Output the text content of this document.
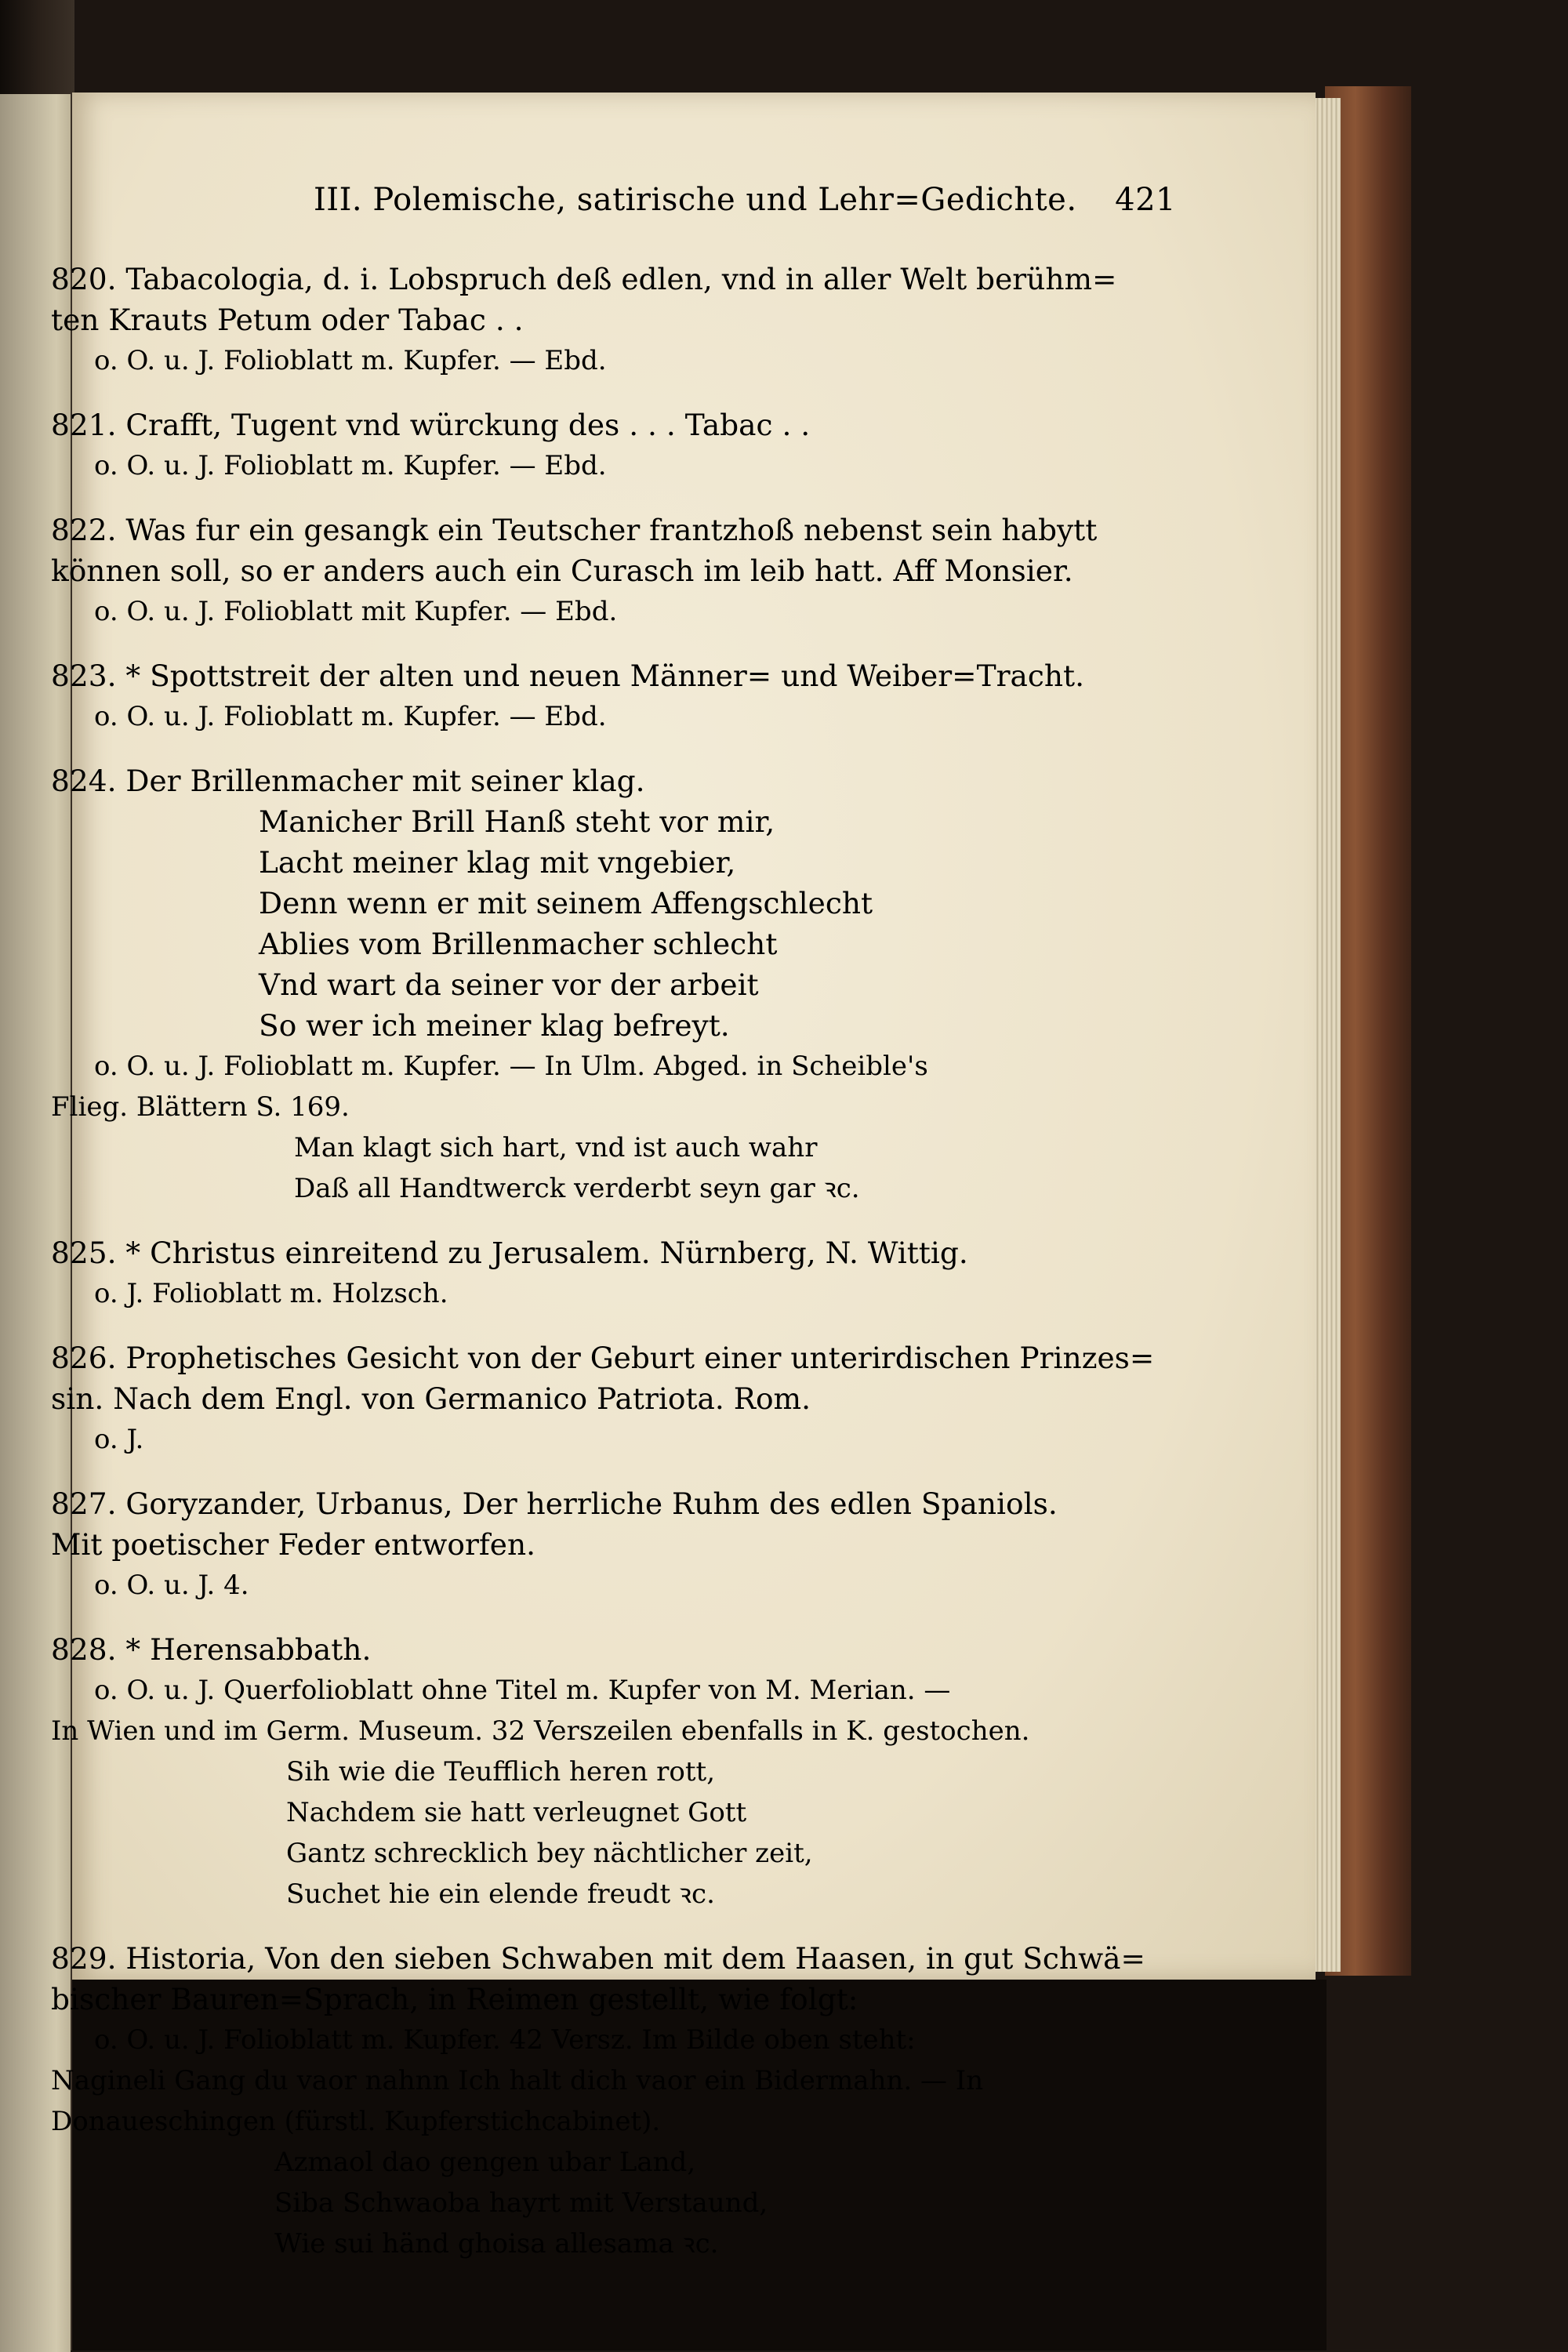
III. Polemische, satirische und Lehr=Gedichte. 421
820. Tabacologia, d. i. Lobspruch deß edlen, vnd in aller Welt berühm=
ten Krauts Petum oder Tabac . .
o. O. u. J. Folioblatt m. Kupfer. — Ebd.
821. Crafft, Tugent vnd würckung des . . . Tabac . .
o. O. u. J. Folioblatt m. Kupfer. — Ebd.
822. Was fur ein gesangk ein Teutscher frantzhoß nebenst sein habytt
können soll, so er anders auch ein Curasch im leib hatt. Aff Monsier.
o. O. u. J. Folioblatt mit Kupfer. — Ebd.
823. * Spottstreit der alten und neuen Männer= und Weiber=Tracht.
o. O. u. J. Folioblatt m. Kupfer. — Ebd.
824. Der Brillenmacher mit seiner klag.
Manicher Brill Hanß steht vor mir,
Lacht meiner klag mit vngebier,
Denn wenn er mit seinem Affengschlecht
Ablies vom Brillenmacher schlecht
Vnd wart da seiner vor der arbeit
So wer ich meiner klag befreyt.
o. O. u. J. Folioblatt m. Kupfer. — In Ulm. Abged. in Scheible's
Flieg. Blättern S. 169.
Man klagt sich hart, vnd ist auch wahr
Daß all Handtwerck verderbt seyn gar ꝛc.
825. * Christus einreitend zu Jerusalem. Nürnberg, N. Wittig.
o. J. Folioblatt m. Holzsch.
826. Prophetisches Gesicht von der Geburt einer unterirdischen Prinzes=
sin. Nach dem Engl. von Germanico Patriota. Rom.
o. J.
827. Goryzander, Urbanus, Der herrliche Ruhm des edlen Spaniols.
Mit poetischer Feder entworfen.
o. O. u. J. 4.
828. * Herensabbath.
o. O. u. J. Querfolioblatt ohne Titel m. Kupfer von M. Merian. —
In Wien und im Germ. Museum. 32 Verszeilen ebenfalls in K. gestochen.
Sih wie die Teufflich heren rott,
Nachdem sie hatt verleugnet Gott
Gantz schrecklich bey nächtlicher zeit,
Suchet hie ein elende freudt ꝛc.
829. Historia, Von den sieben Schwaben mit dem Haasen, in gut Schwä=
bischer Bauren=Sprach, in Reimen gestellt, wie folgt:
o. O. u. J. Folioblatt m. Kupfer. 42 Versz. Im Bilde oben steht:
Nagineli Gang du vaor nahnn Ich halt dich vaor ein Bidermahn. — In
Donaueschingen (fürstl. Kupferstichcabinet).
Azmaol dao gengen ubar Land,
Siba Schwaoba hayrt mit Verstaund,
Wie sui händ ghoisa allesama ꝛc.
